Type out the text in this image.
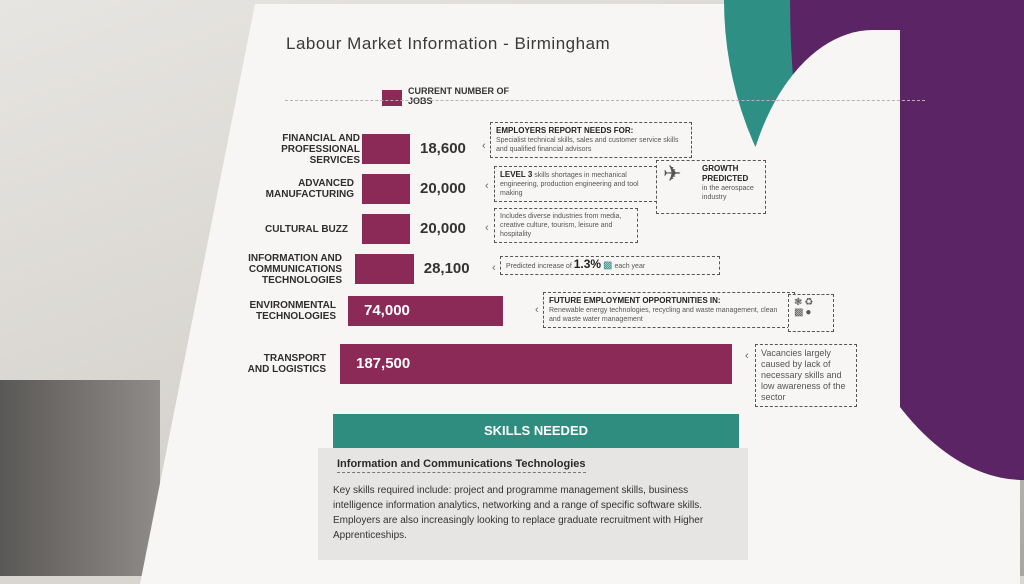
Labour Market Information - Birmingham
CURRENT NUMBER OF JOBS
FINANCIAL AND
PROFESSIONAL
SERVICES
18,600
ADVANCED
MANUFACTURING	20,000
CULTURAL BUZZ	20,000
INFORMATION AND
COMMUNICATIONS
TECHNOLOGIES
28,100
ENVIRONMENTAL
TECHNOLOGIES 74,000
TRANSPORT
AND LOGISTICS 187,500
EMPLOYERS REPORT NEEDS FOR:
Specialist technical skills, sales and customer service skills and qualified financial advisors
‹
LEVEL 3 skills shortages in mechanical engineering, production engineering and tool making
‹	✈	GROWTH PREDICTED
in the aerospace industry
Includes diverse industries from media, creative culture, tourism, leisure and hospitality
‹
Predicted increase of 1.3% ▩ each year
‹
FUTURE EMPLOYMENT OPPORTUNITIES IN:
Renewable energy technologies, recycling and waste management, clean and waste water management
❃ ♻
▩ ●
‹
Vacancies largely caused by lack of necessary skills and low awareness of the sector
‹
SKILLS NEEDED
Information and Communications Technologies
Key skills required include: project and programme management skills, business intelligence information analytics, networking and a range of specific software skills. Employers are also increasingly looking to replace graduate recruitment with Higher Apprenticeships.
